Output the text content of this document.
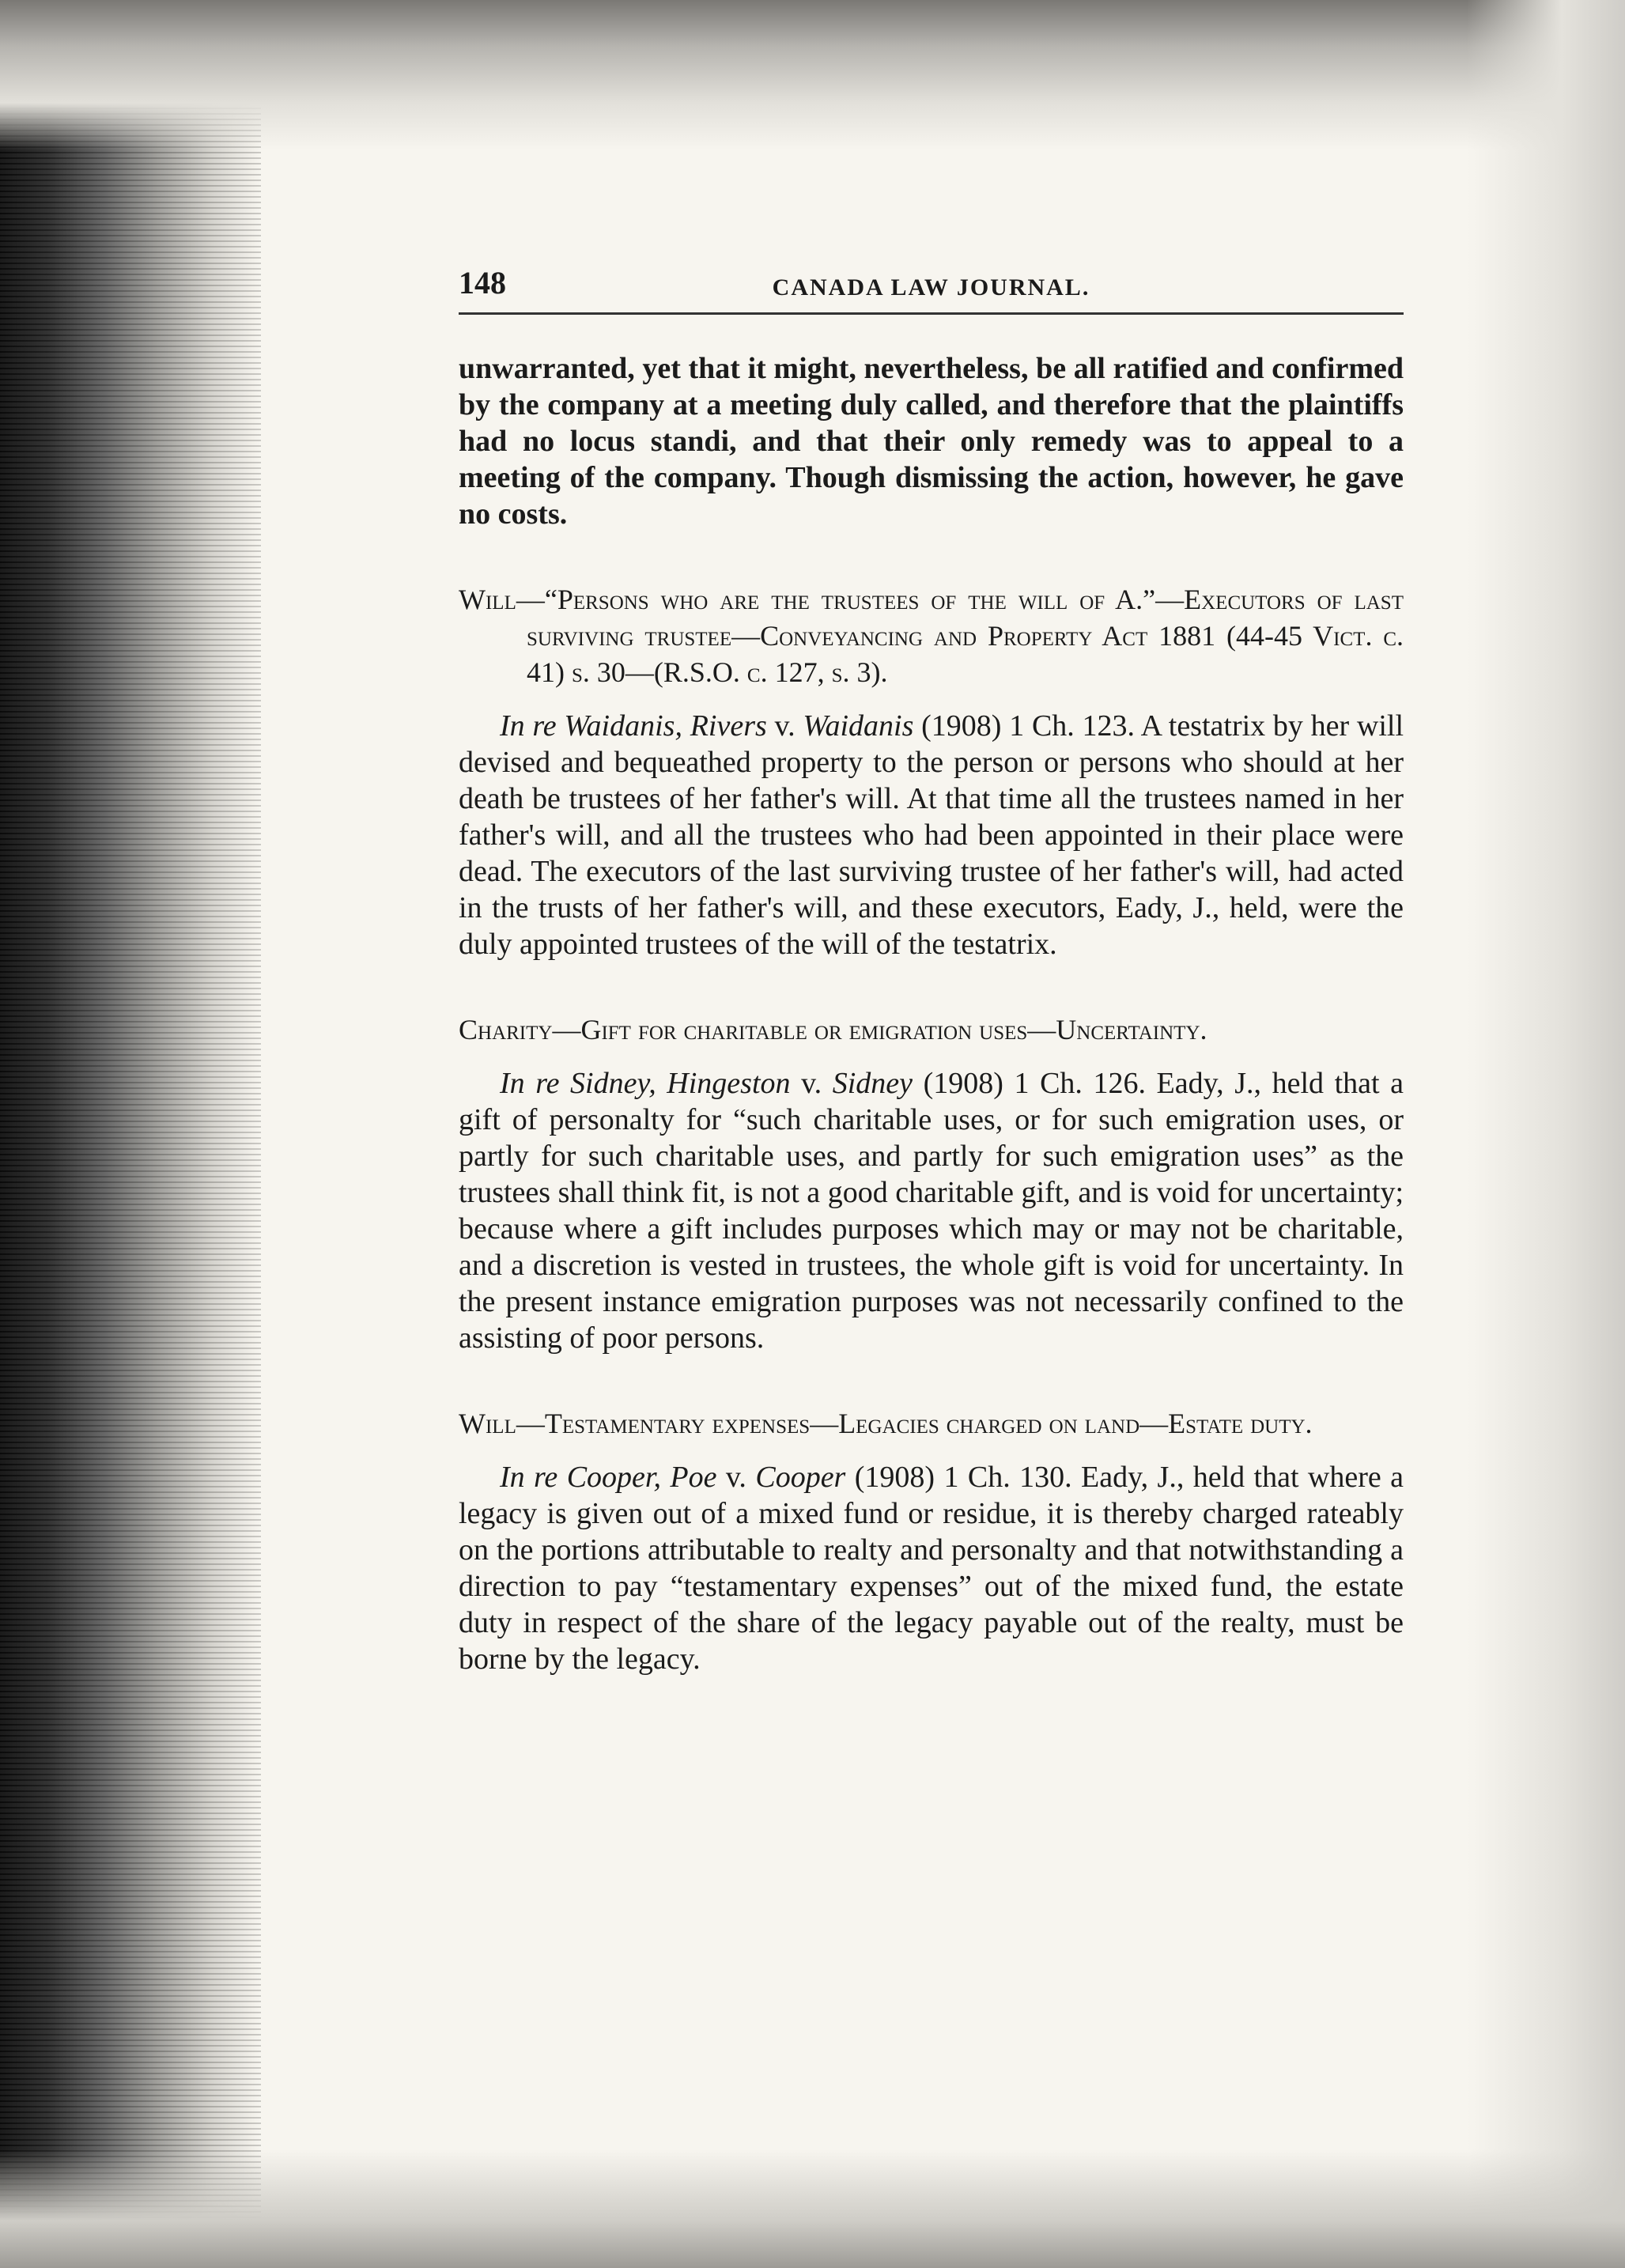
148	CANADA LAW JOURNAL.

unwarranted, yet that it might, nevertheless, be all ratified and confirmed by the company at a meeting duly called, and therefore that the plaintiffs had no locus standi, and that their only remedy was to appeal to a meeting of the company. Though dismissing the action, however, he gave no costs.

Will—“Persons who are the trustees of the will of A.”—Executors of last surviving trustee—Conveyancing and Property Act 1881 (44-45 Vict. c. 41) s. 30—(R.S.O. c. 127, s. 3).

In re Waidanis, Rivers v. Waidanis (1908) 1 Ch. 123. A testatrix by her will devised and bequeathed property to the person or persons who should at her death be trustees of her father's will. At that time all the trustees named in her father's will, and all the trustees who had been appointed in their place were dead. The executors of the last surviving trustee of her father's will, had acted in the trusts of her father's will, and these executors, Eady, J., held, were the duly appointed trustees of the will of the testatrix.

Charity—Gift for charitable or emigration uses—Uncertainty.

In re Sidney, Hingeston v. Sidney (1908) 1 Ch. 126. Eady, J., held that a gift of personalty for “such charitable uses, or for such emigration uses, or partly for such charitable uses, and partly for such emigration uses” as the trustees shall think fit, is not a good charitable gift, and is void for uncertainty; because where a gift includes purposes which may or may not be charitable, and a discretion is vested in trustees, the whole gift is void for uncertainty. In the present instance emigration purposes was not necessarily confined to the assisting of poor persons.

Will—Testamentary expenses—Legacies charged on land—Estate duty.

In re Cooper, Poe v. Cooper (1908) 1 Ch. 130. Eady, J., held that where a legacy is given out of a mixed fund or residue, it is thereby charged rateably on the portions attributable to realty and personalty and that notwithstanding a direction to pay “testamentary expenses” out of the mixed fund, the estate duty in respect of the share of the legacy payable out of the realty, must be borne by the legacy.
